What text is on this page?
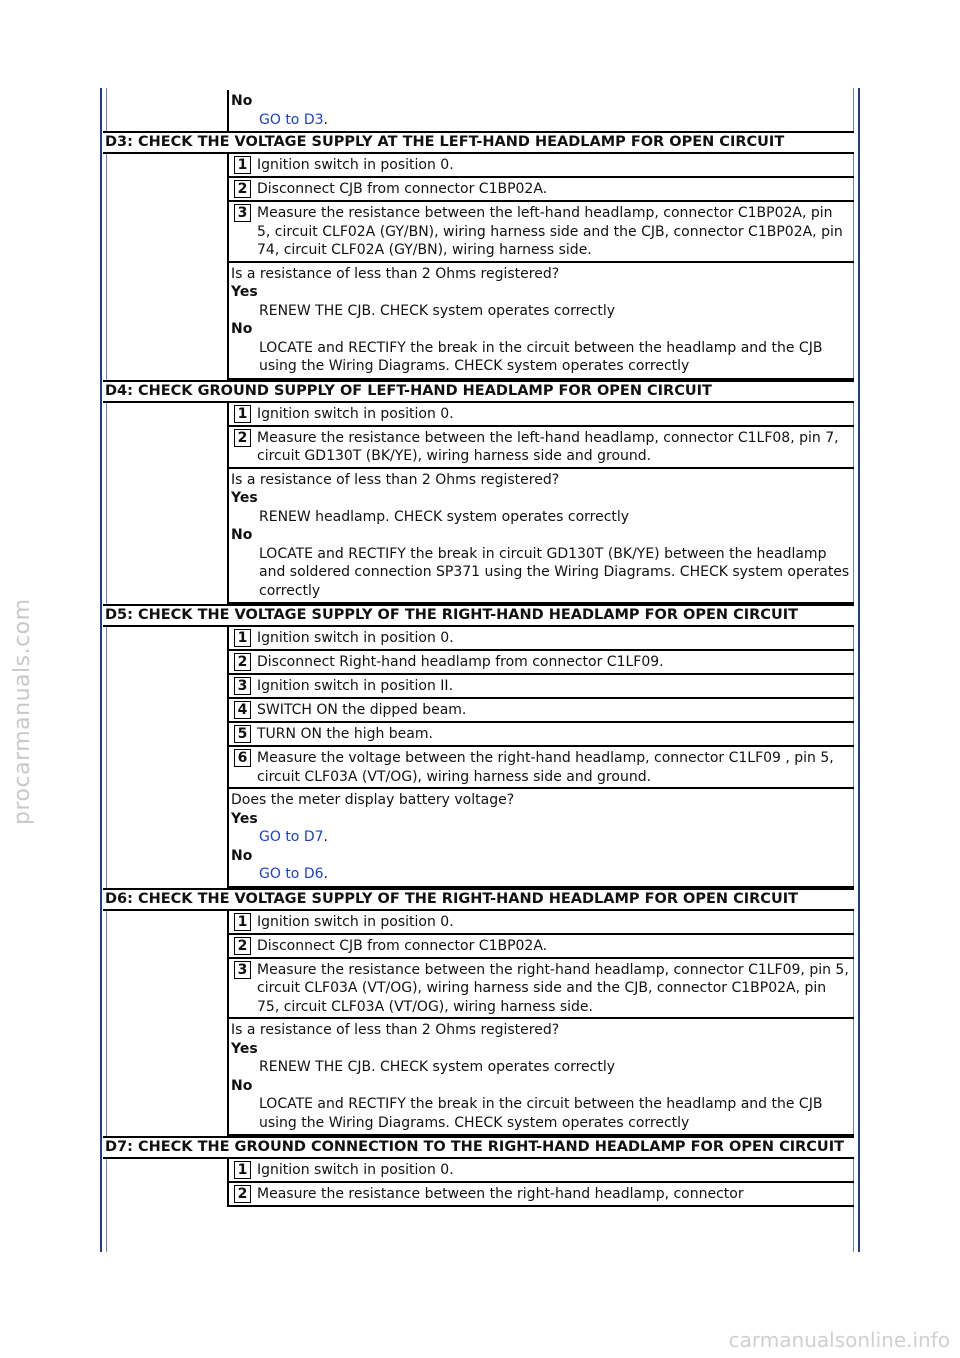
procarmanuals.com
carmanualsonline.info
No
GO to D3.
D3: CHECK THE VOLTAGE SUPPLY AT THE LEFT-HAND HEADLAMP FOR OPEN CIRCUIT
1 Ignition switch in position 0.
2 Disconnect CJB from connector C1BP02A.
3 Measure the resistance between the left-hand headlamp, connector C1BP02A, pin 5, circuit CLF02A (GY/BN), wiring harness side and the CJB, connector C1BP02A, pin 74, circuit CLF02A (GY/BN), wiring harness side.
Is a resistance of less than 2 Ohms registered?
Yes
RENEW THE CJB. CHECK system operates correctly
No
LOCATE and RECTIFY the break in the circuit between the headlamp and the CJB using the Wiring Diagrams. CHECK system operates correctly
D4: CHECK GROUND SUPPLY OF LEFT-HAND HEADLAMP FOR OPEN CIRCUIT
1 Ignition switch in position 0.
2 Measure the resistance between the left-hand headlamp, connector C1LF08, pin 7, circuit GD130T (BK/YE), wiring harness side and ground.
Is a resistance of less than 2 Ohms registered?
Yes
RENEW headlamp. CHECK system operates correctly
No
LOCATE and RECTIFY the break in circuit GD130T (BK/YE) between the headlamp and soldered connection SP371 using the Wiring Diagrams. CHECK system operates correctly
D5: CHECK THE VOLTAGE SUPPLY OF THE RIGHT-HAND HEADLAMP FOR OPEN CIRCUIT
1 Ignition switch in position 0.
2 Disconnect Right-hand headlamp from connector C1LF09.
3 Ignition switch in position II.
4 SWITCH ON the dipped beam.
5 TURN ON the high beam.
6 Measure the voltage between the right-hand headlamp, connector C1LF09 , pin 5, circuit CLF03A (VT/OG), wiring harness side and ground.
Does the meter display battery voltage?
Yes
GO to D7.
No
GO to D6.
D6: CHECK THE VOLTAGE SUPPLY OF THE RIGHT-HAND HEADLAMP FOR OPEN CIRCUIT
1 Ignition switch in position 0.
2 Disconnect CJB from connector C1BP02A.
3 Measure the resistance between the right-hand headlamp, connector C1LF09, pin 5, circuit CLF03A (VT/OG), wiring harness side and the CJB, connector C1BP02A, pin 75, circuit CLF03A (VT/OG), wiring harness side.
Is a resistance of less than 2 Ohms registered?
Yes
RENEW THE CJB. CHECK system operates correctly
No
LOCATE and RECTIFY the break in the circuit between the headlamp and the CJB using the Wiring Diagrams. CHECK system operates correctly
D7: CHECK THE GROUND CONNECTION TO THE RIGHT-HAND HEADLAMP FOR OPEN CIRCUIT
1 Ignition switch in position 0.
2 Measure the resistance between the right-hand headlamp, connector
